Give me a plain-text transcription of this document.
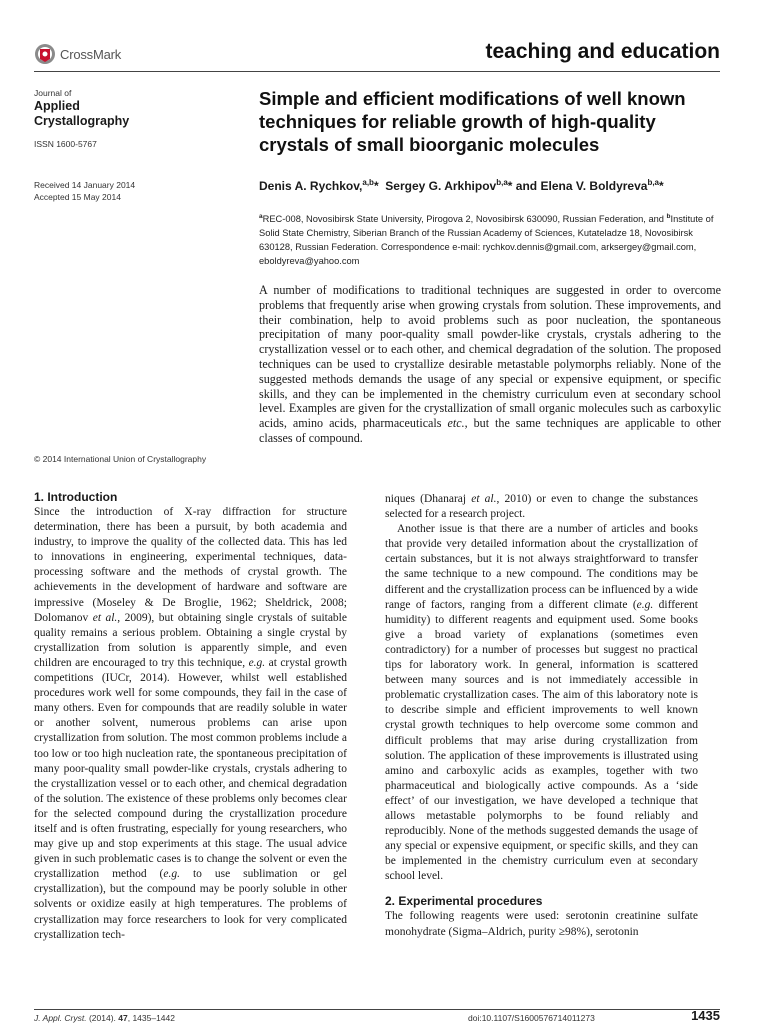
CrossMark	teaching and education
Journal of
Applied
Crystallography
ISSN 1600-5767
Received 14 January 2014
Accepted 15 May 2014
© 2014 International Union of Crystallography
Simple and efficient modifications of well known techniques for reliable growth of high-quality crystals of small bioorganic molecules
Denis A. Rychkov,$^{a,b}$* Sergey G. Arkhipov$^{b,a}$* and Elena V. Boldyreva$^{b,a}$*
$^a$REC-008, Novosibirsk State University, Pirogova 2, Novosibirsk 630090, Russian Federation, and $^b$Institute of Solid State Chemistry, Siberian Branch of the Russian Academy of Sciences, Kutateladze 18, Novosibirsk 630128, Russian Federation. Correspondence e-mail: rychkov.dennis@gmail.com, arksergey@gmail.com, eboldyreva@yahoo.com
A number of modifications to traditional techniques are suggested in order to overcome problems that frequently arise when growing crystals from solution. These improvements, and their combination, help to avoid problems such as poor nucleation, the spontaneous precipitation of many poor-quality small powder-like crystals, crystals adhering to the crystallization vessel or to each other, and chemical degradation of the solution. The proposed techniques can be used to crystallize desirable metastable polymorphs reliably. None of the suggested methods demands the usage of any special or expensive equipment, or specific skills, and they can be implemented in the chemistry curriculum even at secondary school level. Examples are given for the crystallization of small organic molecules such as carboxylic acids, amino acids, pharmaceuticals etc., but the same techniques are applicable to other classes of compound.

1. Introduction

Since the introduction of X-ray diffraction for structure determination, there has been a pursuit, by both academia and industry, to improve the quality of the collected data. This has led to innovations in engineering, experimental techniques, data-processing software and the methods of crystal growth. The achievements in the development of hardware and software are impressive (Moseley & De Broglie, 1962; Sheldrick, 2008; Dolomanov et al., 2009), but obtaining single crystals of suitable quality remains a serious problem. Obtaining a single crystal by crystallization from solution is apparently simple, and even children are encouraged to try this technique, e.g. at crystal growth competitions (IUCr, 2014). However, whilst well established procedures work well for some compounds, they fail in the case of many others. Even for compounds that are readily soluble in water or another solvent, numerous problems can arise upon crystallization from solution. The most common problems include a too low or too high nucleation rate, the spontaneous precipitation of many poor-quality small powder-like crystals, crystals adhering to the crystallization vessel or to each other, and chemical degradation of the solution. The existence of these problems only becomes clear for the selected compound during the crystallization procedure itself and is often frustrating, especially for young researchers, who may give up and stop experiments at this stage. The usual advice given in such problematic cases is to change the solvent or even the crystallization method (e.g. to use sublimation or gel crystallization), but the compound may be poorly soluble in other solvents or oxidize easily at high temperatures. The problems of crystallization may force researchers to look for very complicated crystallization tech-

niques (Dhanaraj et al., 2010) or even to change the substances selected for a research project.

Another issue is that there are a number of articles and books that provide very detailed information about the crystallization of certain substances, but it is not always straightforward to transfer the same technique to a new compound. The conditions may be different and the crystallization process can be influenced by a wide range of factors, ranging from a different climate (e.g. different humidity) to different reagents and equipment used. Some books give a broad variety of explanations (sometimes even contradictory) for a number of processes but suggest no practical tips for laboratory work. In general, information is scattered between many sources and is not immediately accessible in problematic crystallization cases. The aim of this laboratory note is to describe simple and efficient improvements to well known crystal growth techniques to help overcome some common and difficult problems that may arise during crystallization from solution. The application of these improvements is illustrated using amino and carboxylic acids as examples, together with two pharmaceutical and biologically active compounds. As a ‘side effect’ of our investigation, we have developed a technique that allows metastable polymorphs to be found reliably and reproducibly. None of the methods suggested demands the usage of any special or expensive equipment, or specific skills, and they can be implemented in the chemistry curriculum even at secondary school level.

2. Experimental procedures

The following reagents were used: serotonin creatinine sulfate monohydrate (Sigma–Aldrich, purity ≥98%), serotonin

J. Appl. Cryst. (2014). 47, 1435–1442	doi:10.1107/S1600576714011273	1435
